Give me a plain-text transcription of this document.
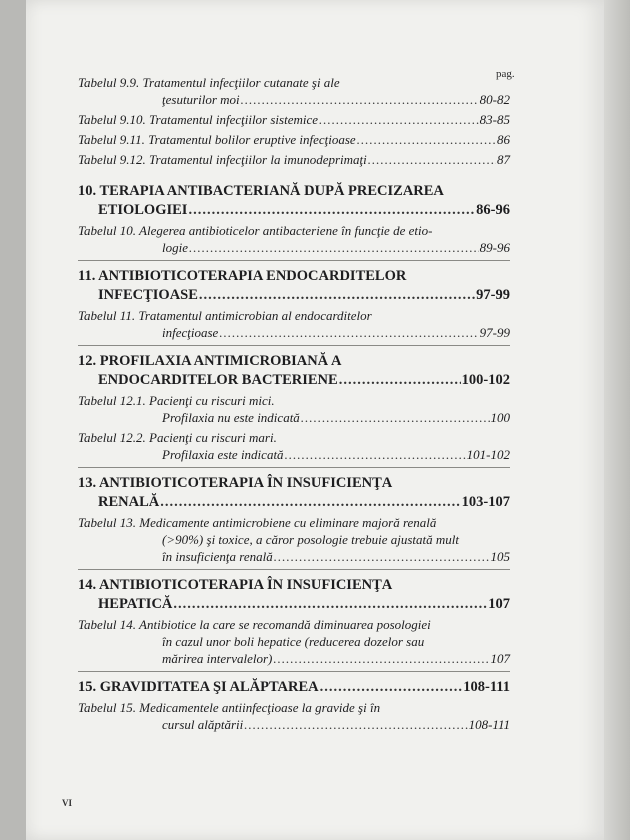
pag.
Tabelul 9.9. Tratamentul infecţiilor cutanate şi ale
ţesuturilor moi .....	80-82
Tabelul 9.10. Tratamentul infecţiilor sistemice .....	83-85
Tabelul 9.11. Tratamentul bolilor eruptive infecţioase .....	86
Tabelul 9.12. Tratamentul infecţiilor la imunodeprimaţi .....	87
10. TERAPIA ANTIBACTERIANĂ DUPĂ PRECIZAREA
ETIOLOGIEI .....	86-96
Tabelul 10. Alegerea antibioticelor antibacteriene în funcţie de etio-
logie .....	89-96
11. ANTIBIOTICOTERAPIA ENDOCARDITELOR
INFECŢIOASE .....	97-99
Tabelul 11. Tratamentul antimicrobian al endocarditelor
infecţioase .....	97-99
12. PROFILAXIA ANTIMICROBIANĂ A
ENDOCARDITELOR BACTERIENE .....	100-102
Tabelul 12.1. Pacienţi cu riscuri mici.
Profilaxia nu este indicată .....	100
Tabelul 12.2. Pacienţi cu riscuri mari.
Profilaxia este indicată .....	101-102
13. ANTIBIOTICOTERAPIA ÎN INSUFICIENŢA
RENALĂ .....	103-107
Tabelul 13. Medicamente antimicrobiene cu eliminare majoră renală
(>90%) şi toxice, a căror posologie trebuie ajustată mult
în insuficienţa renală .....	105
14. ANTIBIOTICOTERAPIA ÎN INSUFICIENŢA
HEPATICĂ .....	107
Tabelul 14. Antibiotice la care se recomandă diminuarea posologiei
în cazul unor boli hepatice (reducerea dozelor sau
mărirea intervalelor) .....	107
15. GRAVIDITATEA ŞI ALĂPTAREA .....	108-111
Tabelul 15. Medicamentele antiinfecţioase la gravide şi în
cursul alăptării .....	108-111
VI
